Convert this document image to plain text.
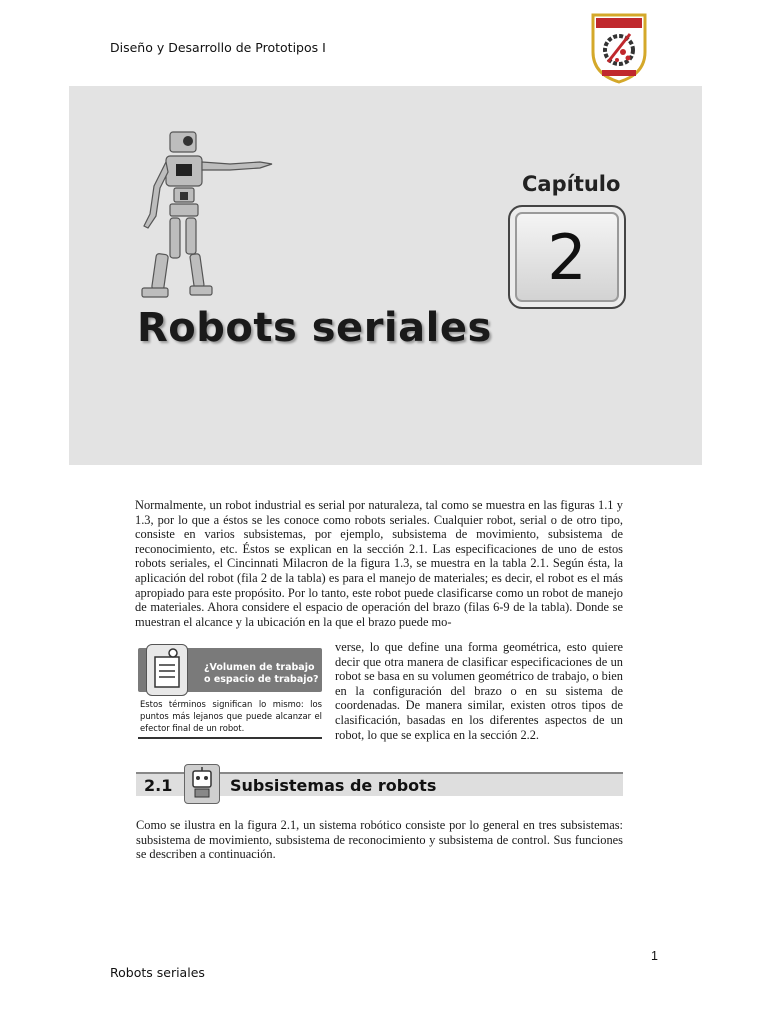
Diseño y Desarrollo de Prototipos I
Capítulo
2
Robots seriales
Normalmente, un robot industrial es serial por naturaleza, tal como se muestra en las figuras 1.1 y 1.3, por lo que a éstos se les conoce como robots seriales. Cualquier robot, serial o de otro tipo, consiste en varios subsistemas, por ejemplo, subsistema de movimiento, subsistema de reconocimiento, etc. Éstos se explican en la sección 2.1. Las especificaciones de uno de estos robots seriales, el Cincinnati Milacron de la figura 1.3, se muestra en la tabla 2.1. Según ésta, la aplicación del robot (fila 2 de la tabla) es para el manejo de materiales; es decir, el robot es el más apropiado para este propósito. Por lo tanto, este robot puede clasificarse como un robot de manejo de materiales. Ahora considere el espacio de operación del brazo (filas 6-9 de la tabla). Donde se muestran el alcance y la ubicación en la que el brazo puede mo-
¿Volumen de trabajo o espacio de trabajo?
Estos términos significan lo mismo: los puntos más lejanos que puede alcanzar el efector final de un robot.
verse, lo que define una forma geométrica, esto quiere decir que otra manera de clasificar especificaciones de un robot se basa en su volumen geométrico de trabajo, o bien en la configuración del brazo o en su sistema de coordenadas. De manera similar, existen otros tipos de clasificación, basadas en los diferentes aspectos de un robot, lo que se explica en la sección 2.2.
2.1	Subsistemas de robots
Como se ilustra en la figura 2.1, un sistema robótico consiste por lo general en tres subsistemas: subsistema de movimiento, subsistema de reconocimiento y subsistema de control. Sus funciones se describen a continuación.
1
Robots seriales
